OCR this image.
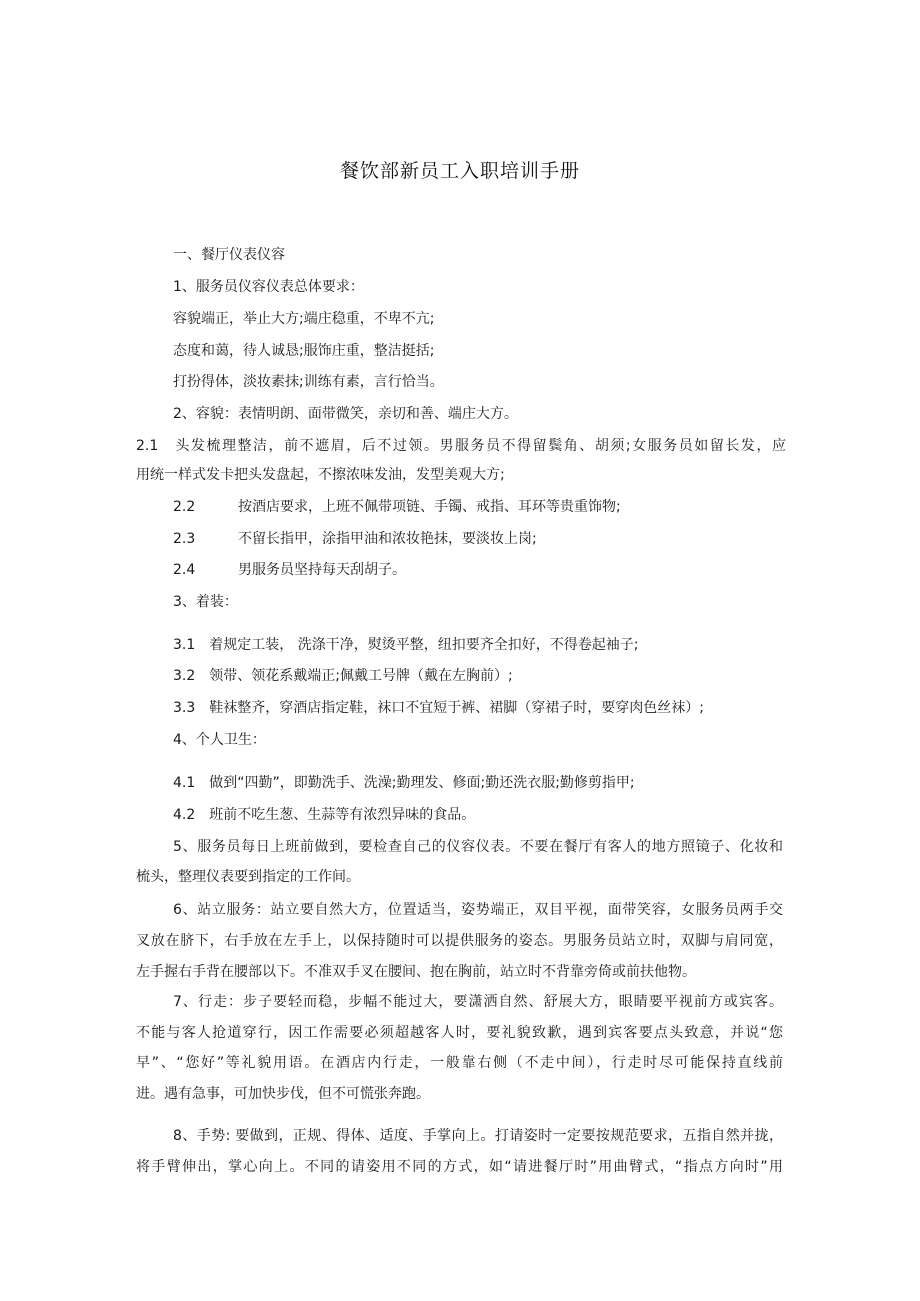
餐饮部新员工入职培训手册
一、餐厅仪表仪容
1、服务员仪容仪表总体要求：
容貌端正，举止大方;端庄稳重，不卑不亢;
态度和蔼，待人诚恳;服饰庄重，整洁挺括;
打扮得体，淡妆素抹;训练有素，言行恰当。
2、容貌：表情明朗、面带微笑，亲切和善、端庄大方。
2.1　头发梳理整洁，前不遮眉，后不过领。男服务员不得留鬓角、胡须;女服务员如留长发，应
用统一样式发卡把头发盘起，不擦浓味发油，发型美观大方;
2.2	按酒店要求，上班不佩带项链、手镯、戒指、耳环等贵重饰物;
2.3	不留长指甲，涂指甲油和浓妆艳抹，要淡妆上岗;
2.4	男服务员坚持每天刮胡子。
3、着装：
3.1　着规定工装， 洗涤干净，熨烫平整，纽扣要齐全扣好，不得卷起袖子;
3.2　领带、领花系戴端正;佩戴工号牌（戴在左胸前）;
3.3　鞋袜整齐，穿酒店指定鞋，袜口不宜短于裤、裙脚（穿裙子时，要穿肉色丝袜）;
4、个人卫生：
4.1　做到“四勤”，即勤洗手、洗澡;勤理发、修面;勤还洗衣服;勤修剪指甲;
4.2　班前不吃生葱、生蒜等有浓烈异味的食品。
5、服务员每日上班前做到，要检查自己的仪容仪表。不要在餐厅有客人的地方照镜子、化妆和
梳头，整理仪表要到指定的工作间。
6、站立服务：站立要自然大方，位置适当，姿势端正，双目平视，面带笑容，女服务员两手交
叉放在脐下，右手放在左手上，以保持随时可以提供服务的姿态。男服务员站立时，双脚与肩同宽，
左手握右手背在腰部以下。不准双手叉在腰间、抱在胸前，站立时不背靠旁倚或前扶他物。
7、行走：步子要轻而稳，步幅不能过大，要潇洒自然、舒展大方，眼睛要平视前方或宾客。
不能与客人抢道穿行，因工作需要必须超越客人时，要礼貌致歉，遇到宾客要点头致意，并说“您
早”、“您好”等礼貌用语。在酒店内行走，一般靠右侧（不走中间），行走时尽可能保持直线前
进。遇有急事，可加快步伐，但不可慌张奔跑。
8、手势: 要做到，正规、得体、适度、手掌向上。打请姿时一定要按规范要求，五指自然并拢，
将手臂伸出，掌心向上。不同的请姿用不同的方式，如“请进餐厅时”用曲臂式，“指点方向时”用
